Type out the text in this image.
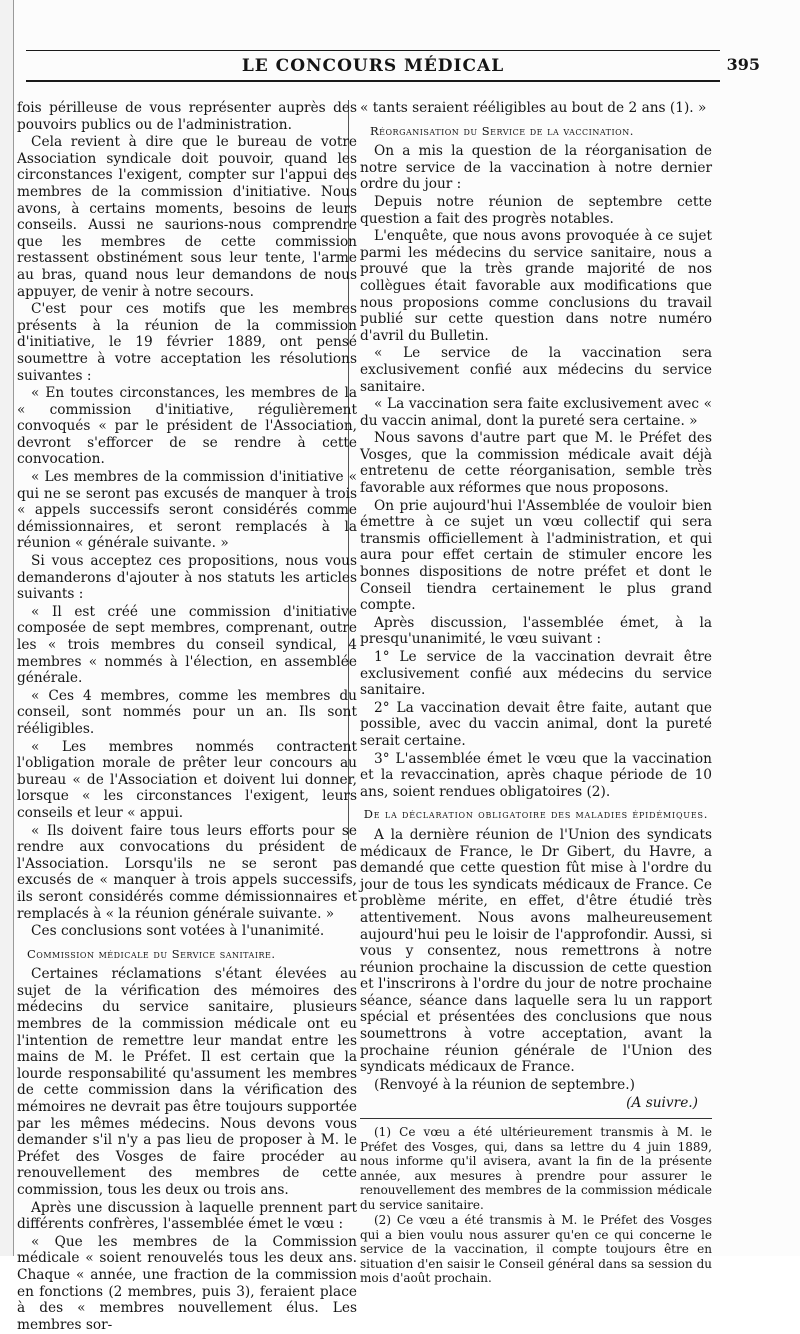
LE CONCOURS MÉDICAL	395

fois périlleuse de vous représenter auprès des pouvoirs publics ou de l'administration.

Cela revient à dire que le bureau de votre Association syndicale doit pouvoir, quand les circonstances l'exigent, compter sur l'appui des membres de la commission d'initiative. Nous avons, à certains moments, besoins de leurs conseils. Aussi ne saurions-nous comprendre que les membres de cette commission restassent obstinément sous leur tente, l'arme au bras, quand nous leur demandons de nous appuyer, de venir à notre secours.

C'est pour ces motifs que les membres présents à la réunion de la commission d'initiative, le 19 février 1889, ont pensé soumettre à votre acceptation les résolutions suivantes :

« En toutes circonstances, les membres de la « commission d'initiative, régulièrement convoqués « par le président de l'Association, devront s'efforcer de se rendre à cette convocation.

« Les membres de la commission d'initiative « qui ne se seront pas excusés de manquer à trois « appels successifs seront considérés comme démissionnaires, et seront remplacés à la réunion « générale suivante. »

Si vous acceptez ces propositions, nous vous demanderons d'ajouter à nos statuts les articles suivants :

« Il est créé une commission d'initiative composée de sept membres, comprenant, outre les « trois membres du conseil syndical, 4 membres « nommés à l'élection, en assemblée générale.

« Ces 4 membres, comme les membres du conseil, sont nommés pour un an. Ils sont rééligibles.

« Les membres nommés contractent l'obligation morale de prêter leur concours au bureau « de l'Association et doivent lui donner, lorsque « les circonstances l'exigent, leurs conseils et leur « appui.

« Ils doivent faire tous leurs efforts pour se rendre aux convocations du président de l'Association. Lorsqu'ils ne se seront pas excusés de « manquer à trois appels successifs, ils seront considérés comme démissionnaires et remplacés à « la réunion générale suivante. »

Ces conclusions sont votées à l'unanimité.

Commission médicale du Service sanitaire.

Certaines réclamations s'étant élevées au sujet de la vérification des mémoires des médecins du service sanitaire, plusieurs membres de la commission médicale ont eu l'intention de remettre leur mandat entre les mains de M. le Préfet. Il est certain que la lourde responsabilité qu'assument les membres de cette commission dans la vérification des mémoires ne devrait pas être toujours supportée par les mêmes médecins. Nous devons vous demander s'il n'y a pas lieu de proposer à M. le Préfet des Vosges de faire procéder au renouvellement des membres de cette commission, tous les deux ou trois ans.

Après une discussion à laquelle prennent part différents confrères, l'assemblée émet le vœu :

« Que les membres de la Commission médicale « soient renouvelés tous les deux ans. Chaque « année, une fraction de la commission en fonctions (2 membres, puis 3), feraient place à des « membres nouvellement élus. Les membres sor-

« tants seraient rééligibles au bout de 2 ans (1). »

Réorganisation du Service de la vaccination.

On a mis la question de la réorganisation de notre service de la vaccination à notre dernier ordre du jour :

Depuis notre réunion de septembre cette question a fait des progrès notables.

L'enquête, que nous avons provoquée à ce sujet parmi les médecins du service sanitaire, nous a prouvé que la très grande majorité de nos collègues était favorable aux modifications que nous proposions comme conclusions du travail publié sur cette question dans notre numéro d'avril du Bulletin.

« Le service de la vaccination sera exclusivement confié aux médecins du service sanitaire.

« La vaccination sera faite exclusivement avec « du vaccin animal, dont la pureté sera certaine. »

Nous savons d'autre part que M. le Préfet des Vosges, que la commission médicale avait déjà entretenu de cette réorganisation, semble très favorable aux réformes que nous proposons.

On prie aujourd'hui l'Assemblée de vouloir bien émettre à ce sujet un vœu collectif qui sera transmis officiellement à l'administration, et qui aura pour effet certain de stimuler encore les bonnes dispositions de notre préfet et dont le Conseil tiendra certainement le plus grand compte.

Après discussion, l'assemblée émet, à la presqu'unanimité, le vœu suivant :

1° Le service de la vaccination devrait être exclusivement confié aux médecins du service sanitaire.

2° La vaccination devait être faite, autant que possible, avec du vaccin animal, dont la pureté serait certaine.

3° L'assemblée émet le vœu que la vaccination et la revaccination, après chaque période de 10 ans, soient rendues obligatoires (2).

De la déclaration obligatoire des maladies épidémiques.

A la dernière réunion de l'Union des syndicats médicaux de France, le Dr Gibert, du Havre, a demandé que cette question fût mise à l'ordre du jour de tous les syndicats médicaux de France. Ce problème mérite, en effet, d'être étudié très attentivement. Nous avons malheureusement aujourd'hui peu le loisir de l'approfondir. Aussi, si vous y consentez, nous remettrons à notre réunion prochaine la discussion de cette question et l'inscrirons à l'ordre du jour de notre prochaine séance, séance dans laquelle sera lu un rapport spécial et présentées des conclusions que nous soumettrons à votre acceptation, avant la prochaine réunion générale de l'Union des syndicats médicaux de France.

(Renvoyé à la réunion de septembre.)

(A suivre.)

(1) Ce vœu a été ultérieurement transmis à M. le Préfet des Vosges, qui, dans sa lettre du 4 juin 1889, nous informe qu'il avisera, avant la fin de la présente année, aux mesures à prendre pour assurer le renouvellement des membres de la commission médicale du service sanitaire.

(2) Ce vœu a été transmis à M. le Préfet des Vosges qui a bien voulu nous assurer qu'en ce qui concerne le service de la vaccination, il compte toujours être en situation d'en saisir le Conseil général dans sa session du mois d'août prochain.
